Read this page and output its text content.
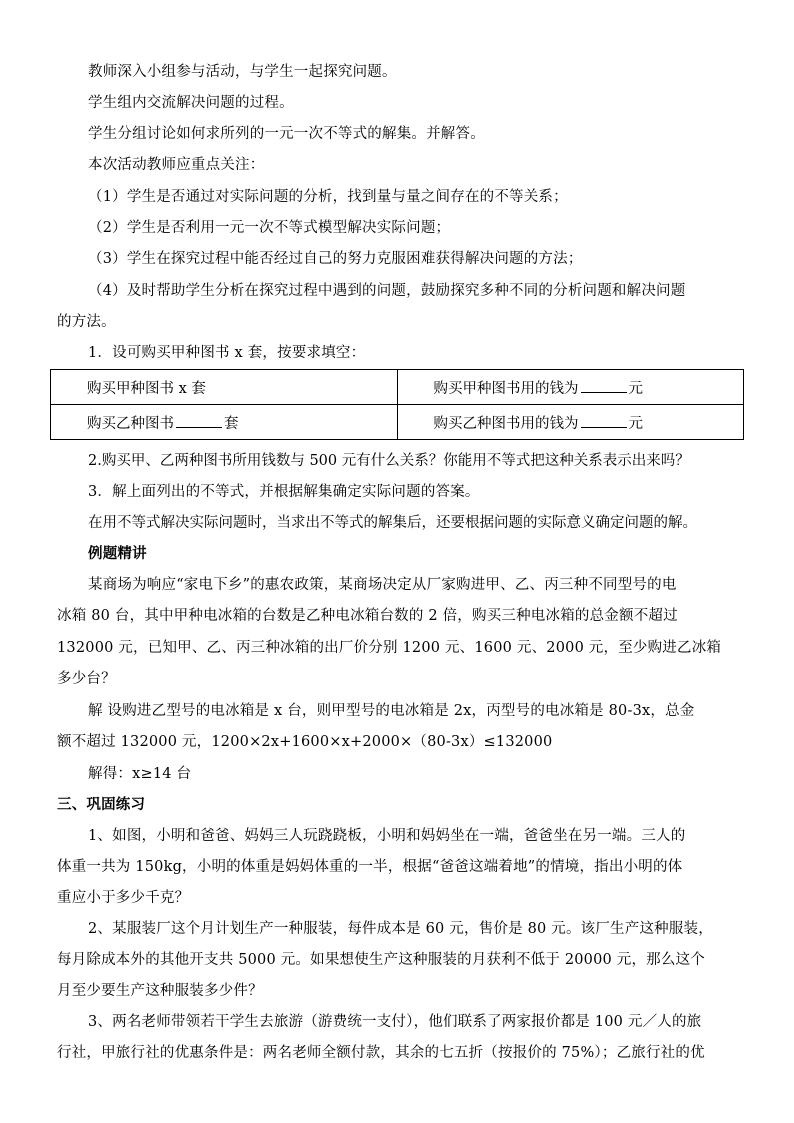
教师深入小组参与活动，与学生一起探究问题。
学生组内交流解决问题的过程。
学生分组讨论如何求所列的一元一次不等式的解集。并解答。
本次活动教师应重点关注：
（1）学生是否通过对实际问题的分析，找到量与量之间存在的不等关系；
（2）学生是否利用一元一次不等式模型解决实际问题；
（3）学生在探究过程中能否经过自己的努力克服困难获得解决问题的方法；
（4）及时帮助学生分析在探究过程中遇到的问题，鼓励探究多种不同的分析问题和解决问题
的方法。
1．设可购买甲种图书 x 套，按要求填空：
购买甲种图书 x 套	购买甲种图书用的钱为 元
购买乙种图书 套	购买乙种图书用的钱为 元
2.购买甲、乙两种图书所用钱数与 500 元有什么关系？你能用不等式把这种关系表示出来吗？
3．解上面列出的不等式，并根据解集确定实际问题的答案。
在用不等式解决实际问题时，当求出不等式的解集后，还要根据问题的实际意义确定问题的解。
例题精讲
某商场为响应“家电下乡”的惠农政策，某商场决定从厂家购进甲、乙、丙三种不同型号的电
冰箱 80 台，其中甲种电冰箱的台数是乙种电冰箱台数的 2 倍，购买三种电冰箱的总金额不超过
132000 元，已知甲、乙、丙三种冰箱的出厂价分别 1200 元、1600 元、2000 元，至少购进乙冰箱
多少台？
解 设购进乙型号的电冰箱是 x 台，则甲型号的电冰箱是 2x，丙型号的电冰箱是 80-3x，总金
额不超过 132000 元，1200×2x+1600×x+2000×（80-3x）≤132000
解得：x≥14 台
三、巩固练习
1、如图，小明和爸爸、妈妈三人玩跷跷板，小明和妈妈坐在一端，爸爸坐在另一端。三人的
体重一共为 150kg，小明的体重是妈妈体重的一半，根据“爸爸这端着地”的情境，指出小明的体
重应小于多少千克？
2、某服装厂这个月计划生产一种服装，每件成本是 60 元，售价是 80 元。该厂生产这种服装，
每月除成本外的其他开支共 5000 元。如果想使生产这种服装的月获利不低于 20000 元，那么这个
月至少要生产这种服装多少件？
3、两名老师带领若干学生去旅游（游费统一支付），他们联系了两家报价都是 100 元／人的旅
行社，甲旅行社的优惠条件是：两名老师全额付款，其余的七五折（按报价的 75%）；乙旅行社的优
